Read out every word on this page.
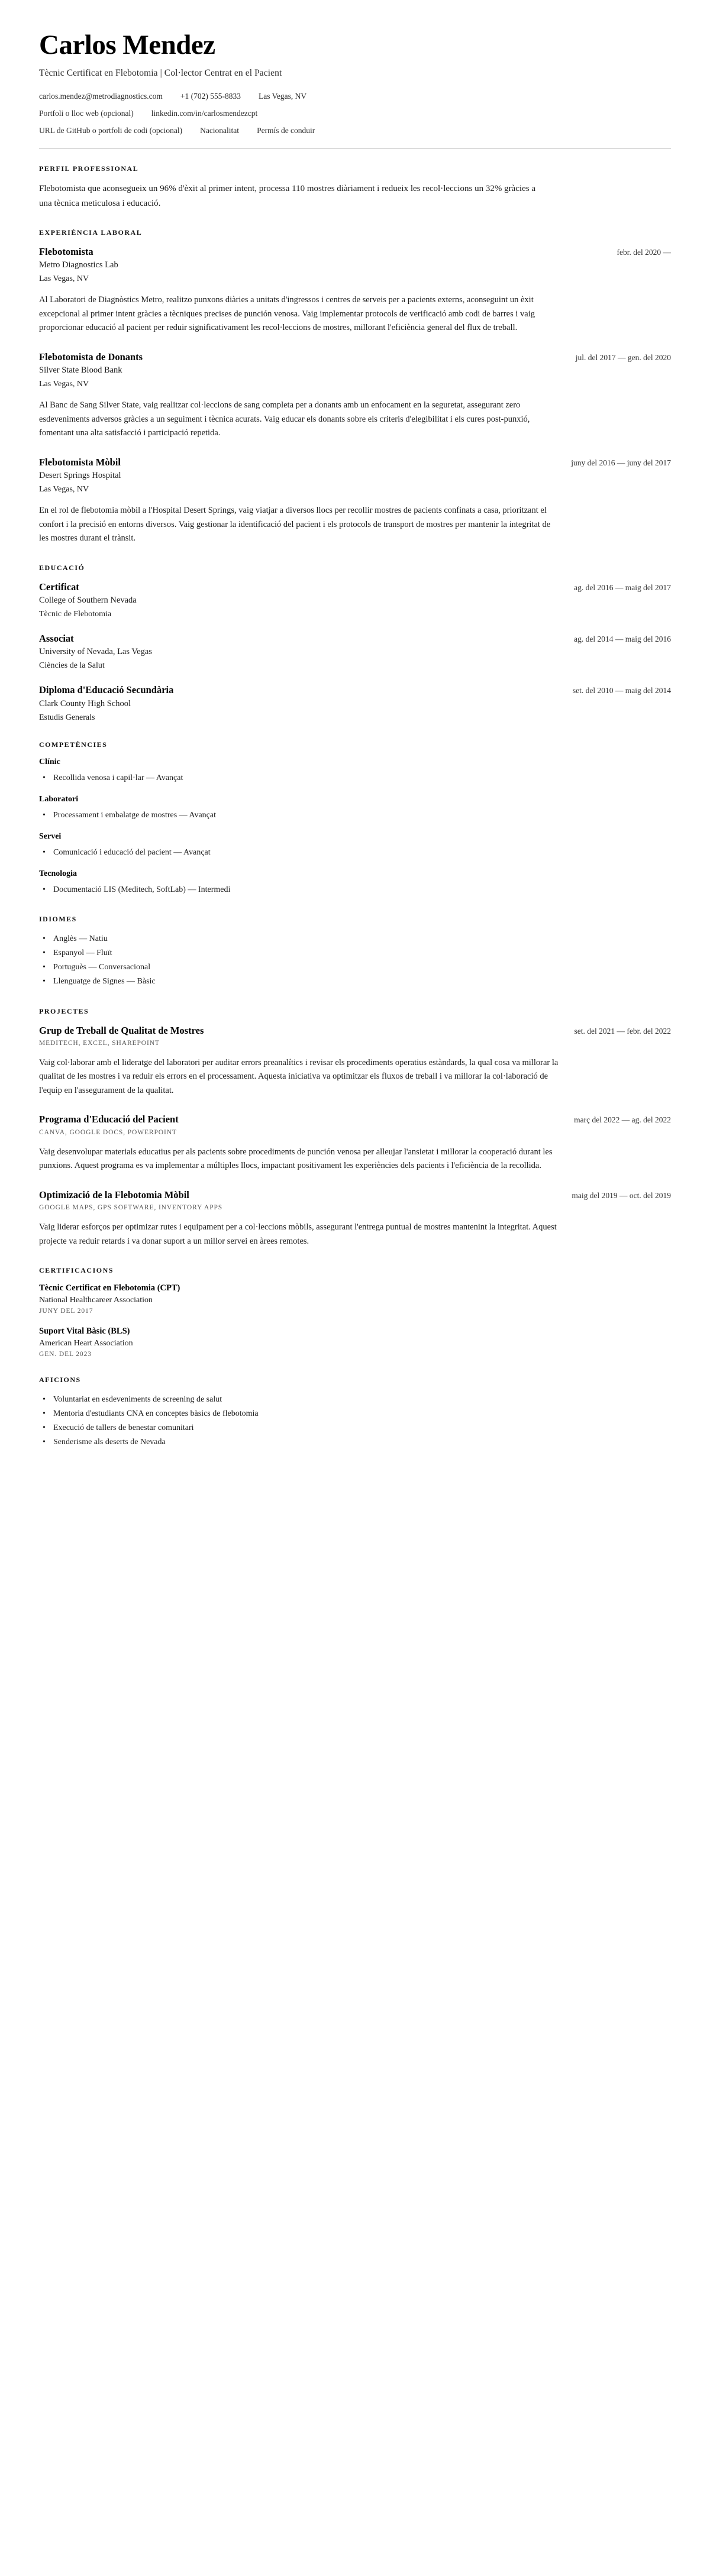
Carlos Mendez
Tècnic Certificat en Flebotomia | Col·lector Centrat en el Pacient
carlos.mendez@metrodiagnostics.com +1 (702) 555-8833 Las Vegas, NV
Portfoli o lloc web (opcional) linkedin.com/in/carlosmendezcpt
URL de GitHub o portfoli de codi (opcional) Nacionalitat Permís de conduir
PERFIL PROFESSIONAL
Flebotomista que aconsegueix un 96% d'èxit al primer intent, processa 110 mostres diàriament i redueix les recol·leccions un 32% gràcies a una tècnica meticulosa i educació.
EXPERIÈNCIA LABORAL
Flebotomista	febr. del 2020 —
Metro Diagnostics Lab
Las Vegas, NV
Al Laboratori de Diagnòstics Metro, realitzo punxons diàries a unitats d'ingressos i centres de serveis per a pacients externs, aconseguint un èxit excepcional al primer intent gràcies a tècniques precises de punción venosa. Vaig implementar protocols de verificació amb codi de barres i vaig proporcionar educació al pacient per reduir significativament les recol·leccions de mostres, millorant l'eficiència general del flux de treball.
Flebotomista de Donants	jul. del 2017 — gen. del 2020
Silver State Blood Bank
Las Vegas, NV
Al Banc de Sang Silver State, vaig realitzar col·leccions de sang completa per a donants amb un enfocament en la seguretat, assegurant zero esdeveniments adversos gràcies a un seguiment i tècnica acurats. Vaig educar els donants sobre els criteris d'elegibilitat i els cures post-punxió, fomentant una alta satisfacció i participació repetida.
Flebotomista Mòbil	juny del 2016 — juny del 2017
Desert Springs Hospital
Las Vegas, NV
En el rol de flebotomia mòbil a l'Hospital Desert Springs, vaig viatjar a diversos llocs per recollir mostres de pacients confinats a casa, prioritzant el confort i la precisió en entorns diversos. Vaig gestionar la identificació del pacient i els protocols de transport de mostres per mantenir la integritat de les mostres durant el trànsit.
EDUCACIÓ
Certificat	ag. del 2016 — maig del 2017
College of Southern Nevada
Tècnic de Flebotomia
Associat	ag. del 2014 — maig del 2016
University of Nevada, Las Vegas
Ciències de la Salut
Diploma d'Educació Secundària	set. del 2010 — maig del 2014
Clark County High School
Estudis Generals
COMPETÈNCIES
Clínic
• Recollida venosa i capil·lar — Avançat
Laboratori
• Processament i embalatge de mostres — Avançat
Servei
• Comunicació i educació del pacient — Avançat
Tecnologia
• Documentació LIS (Meditech, SoftLab) — Intermedi
IDIOMES
• Anglès — Natiu
• Espanyol — Fluït
• Portuguès — Conversacional
• Llenguatge de Signes — Bàsic
PROJECTES
Grup de Treball de Qualitat de Mostres	set. del 2021 — febr. del 2022
MEDITECH, EXCEL, SHAREPOINT
Vaig col·laborar amb el lideratge del laboratori per auditar errors preanalítics i revisar els procediments operatius estàndards, la qual cosa va millorar la qualitat de les mostres i va reduir els errors en el processament. Aquesta iniciativa va optimitzar els fluxos de treball i va millorar la col·laboració de l'equip en l'assegurament de la qualitat.
Programa d'Educació del Pacient	març del 2022 — ag. del 2022
CANVA, GOOGLE DOCS, POWERPOINT
Vaig desenvolupar materials educatius per als pacients sobre procediments de punción venosa per alleujar l'ansietat i millorar la cooperació durant les punxions. Aquest programa es va implementar a múltiples llocs, impactant positivament les experiències dels pacients i l'eficiència de la recollida.
Optimizació de la Flebotomia Mòbil	maig del 2019 — oct. del 2019
GOOGLE MAPS, GPS SOFTWARE, INVENTORY APPS
Vaig liderar esforços per optimizar rutes i equipament per a col·leccions mòbils, assegurant l'entrega puntual de mostres mantenint la integritat. Aquest projecte va reduir retards i va donar suport a un millor servei en àrees remotes.
CERTIFICACIONS
Tècnic Certificat en Flebotomia (CPT)
National Healthcareer Association
JUNY DEL 2017
Suport Vital Bàsic (BLS)
American Heart Association
GEN. DEL 2023
AFICIONS
• Voluntariat en esdeveniments de screening de salut
• Mentoria d'estudiants CNA en conceptes bàsics de flebotomia
• Execució de tallers de benestar comunitari
• Senderisme als deserts de Nevada
